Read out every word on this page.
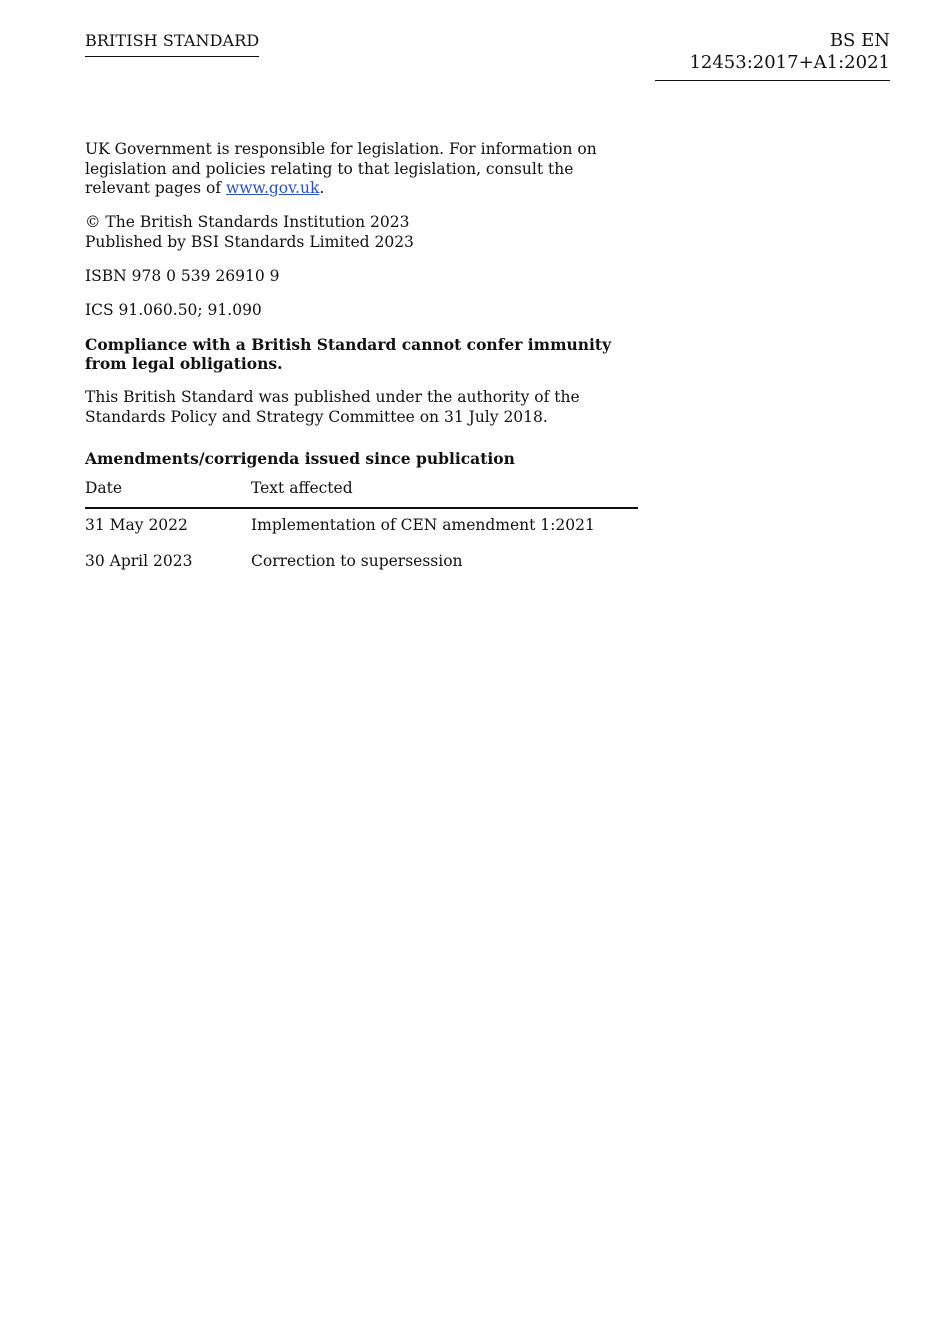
BRITISH STANDARD	BS EN 12453:2017+A1:2021

UK Government is responsible for legislation. For information on legislation and policies relating to that legislation, consult the relevant pages of www.gov.uk.

© The British Standards Institution 2023
Published by BSI Standards Limited 2023

ISBN 978 0 539 26910 9

ICS 91.060.50; 91.090

Compliance with a British Standard cannot confer immunity from legal obligations.

This British Standard was published under the authority of the Standards Policy and Strategy Committee on 31 July 2018.

Amendments/corrigenda issued since publication

Date	Text affected
31 May 2022	Implementation of CEN amendment 1:2021
30 April 2023	Correction to supersession
